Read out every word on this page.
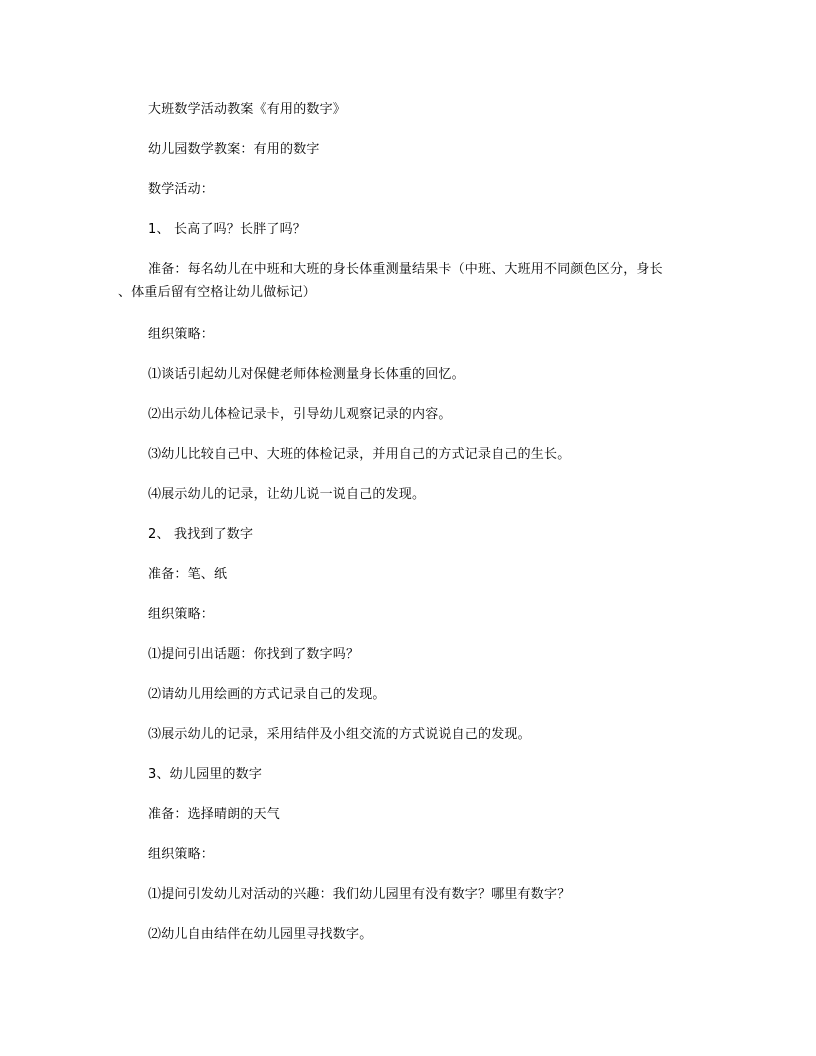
大班数学活动教案《有用的数字》
幼儿园数学教案：有用的数字
数学活动：
1、 长高了吗？长胖了吗？
准备：每名幼儿在中班和大班的身长体重测量结果卡（中班、大班用不同颜色区分，身长
、体重后留有空格让幼儿做标记）
组织策略：
⑴谈话引起幼儿对保健老师体检测量身长体重的回忆。
⑵出示幼儿体检记录卡，引导幼儿观察记录的内容。
⑶幼儿比较自己中、大班的体检记录，并用自己的方式记录自己的生长。
⑷展示幼儿的记录，让幼儿说一说自己的发现。
2、 我找到了数字
准备：笔、纸
组织策略：
⑴提问引出话题：你找到了数字吗？
⑵请幼儿用绘画的方式记录自己的发现。
⑶展示幼儿的记录，采用结伴及小组交流的方式说说自己的发现。
3、幼儿园里的数字
准备：选择晴朗的天气
组织策略：
⑴提问引发幼儿对活动的兴趣：我们幼儿园里有没有数字？哪里有数字？
⑵幼儿自由结伴在幼儿园里寻找数字。
